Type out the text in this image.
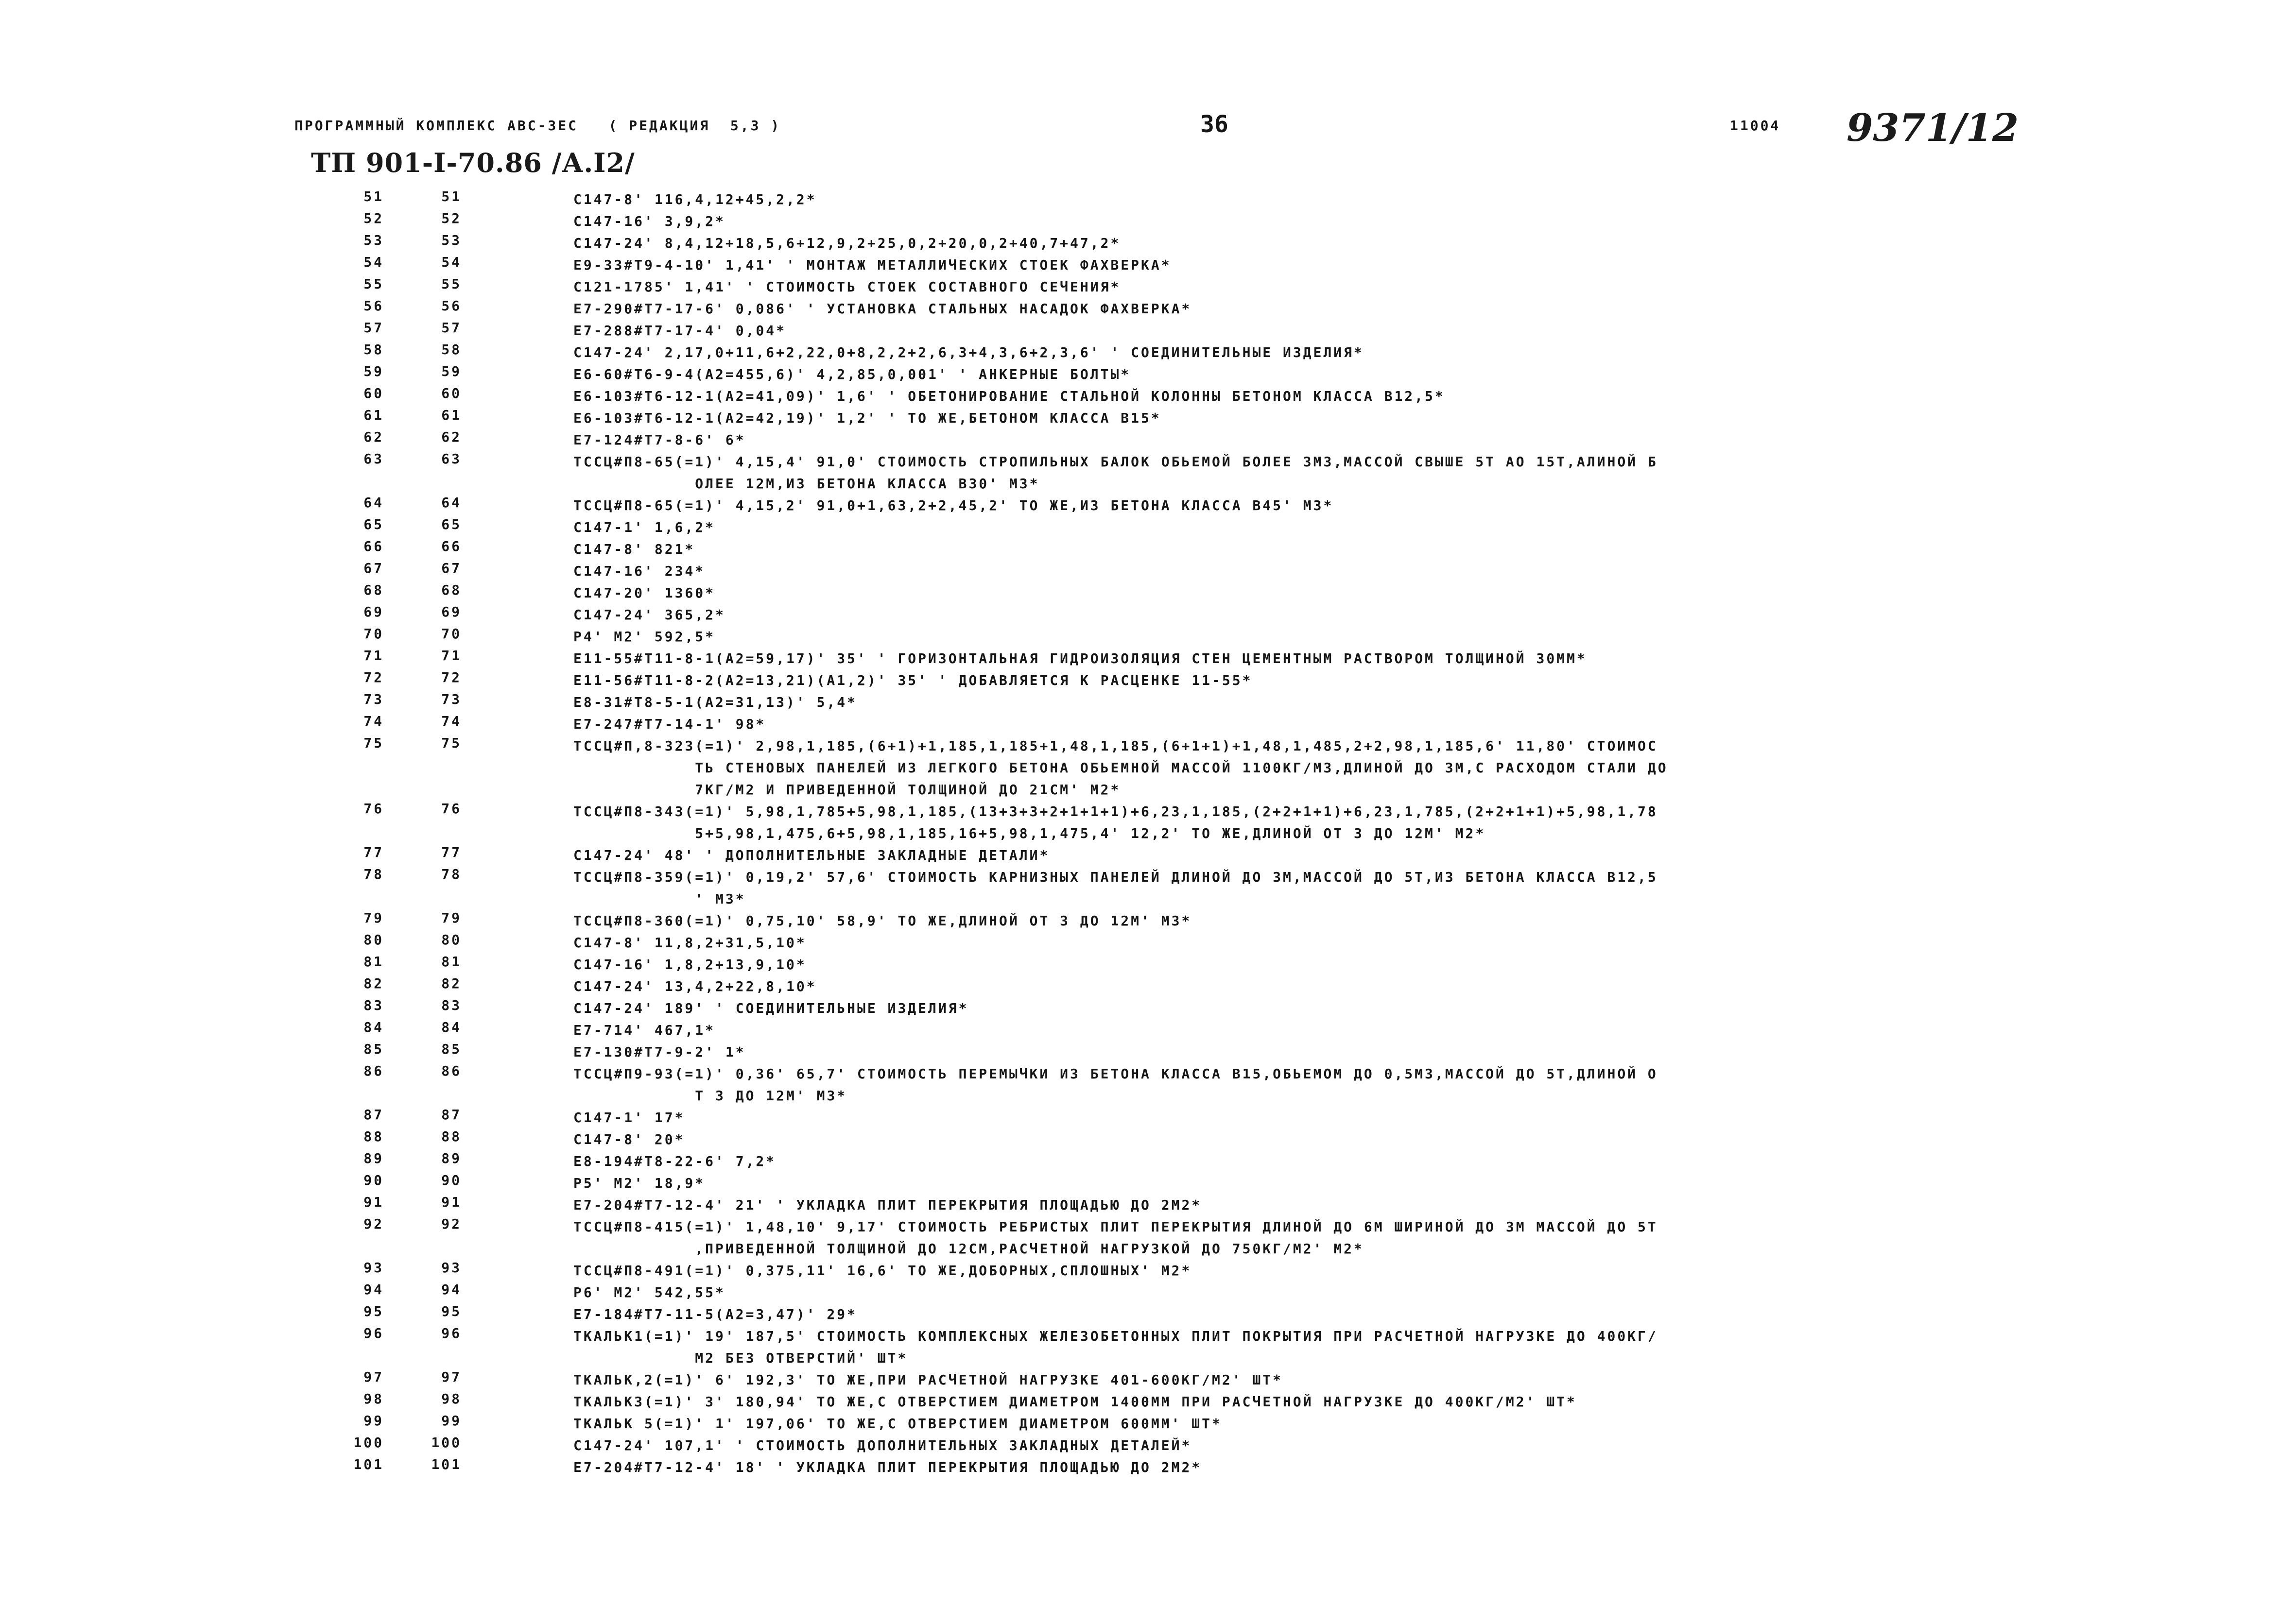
ПРОГРАММНЫЙ КОМПЛЕКС АВС-ЗЕС   ( РЕДАКЦИЯ  5,3 )	36	11004 9371/12
ТП 901-I-70.86 /А.I2/
51	51	С147-8' 116,4,12+45,2,2*
52	52	С147-16' 3,9,2*
53	53	С147-24' 8,4,12+18,5,6+12,9,2+25,0,2+20,0,2+40,7+47,2*
54	54	Е9-33#Т9-4-10' 1,41' ' МОНТАЖ МЕТАЛЛИЧЕСКИХ СТОЕК ФАХВЕРКА*
55	55	С121-1785' 1,41' ' СТОИМОСТЬ СТОЕК СОСТАВНОГО СЕЧЕНИЯ*
56	56	Е7-290#Т7-17-6' 0,086' ' УСТАНОВКА СТАЛЬНЫХ НАСАДОК ФАХВЕРКА*
57	57	Е7-288#Т7-17-4' 0,04*
58	58	С147-24' 2,17,0+11,6+2,22,0+8,2,2+2,6,3+4,3,6+2,3,6' ' СОЕДИНИТЕЛЬНЫЕ ИЗДЕЛИЯ*
59	59	Е6-60#Т6-9-4(А2=455,6)' 4,2,85,0,001' ' АНКЕРНЫЕ БОЛТЫ*
60	60	Е6-103#Т6-12-1(А2=41,09)' 1,6' ' ОБЕТОНИРОВАНИЕ СТАЛЬНОЙ КОЛОННЫ БЕТОНОМ КЛАССА В12,5*
61	61	Е6-103#Т6-12-1(А2=42,19)' 1,2' ' ТО ЖЕ,БЕТОНОМ КЛАССА В15*
62	62	Е7-124#Т7-8-6' 6*
63	63	ТССЦ#П8-65(=1)' 4,15,4' 91,0' СТОИМОСТЬ СТРОПИЛЬНЫХ БАЛОК ОБЬЕМОЙ БОЛЕЕ 3М3,МАССОЙ СВЫШЕ 5Т АО 15Т,АЛИНОЙ Б
ОЛЕЕ 12М,ИЗ БЕТОНА КЛАССА В30' М3*
64	64	ТССЦ#П8-65(=1)' 4,15,2' 91,0+1,63,2+2,45,2' ТО ЖЕ,ИЗ БЕТОНА КЛАССА В45' М3*
65	65	С147-1' 1,6,2*
66	66	С147-8' 821*
67	67	С147-16' 234*
68	68	С147-20' 1360*
69	69	С147-24' 365,2*
70	70	Р4' М2' 592,5*
71	71	Е11-55#Т11-8-1(А2=59,17)' 35' ' ГОРИЗОНТАЛЬНАЯ ГИДРОИЗОЛЯЦИЯ СТЕН ЦЕМЕНТНЫМ РАСТВОРОМ ТОЛЩИНОЙ 30ММ*
72	72	Е11-56#Т11-8-2(А2=13,21)(А1,2)' 35' ' ДОБАВЛЯЕТСЯ К РАСЦЕНКЕ 11-55*
73	73	Е8-31#Т8-5-1(А2=31,13)' 5,4*
74	74	Е7-247#Т7-14-1' 98*
75	75	ТССЦ#П,8-323(=1)' 2,98,1,185,(6+1)+1,185,1,185+1,48,1,185,(6+1+1)+1,48,1,485,2+2,98,1,185,6' 11,80' СТОИМОС
ТЬ СТЕНОВЫХ ПАНЕЛЕЙ ИЗ ЛЕГКОГО БЕТОНА ОБЬЕМНОЙ МАССОЙ 1100КГ/М3,ДЛИНОЙ ДО 3М,С РАСХОДОМ СТАЛИ ДО
7КГ/М2 И ПРИВЕДЕННОЙ ТОЛЩИНОЙ ДО 21СМ' М2*
76	76	ТССЦ#П8-343(=1)' 5,98,1,785+5,98,1,185,(13+3+3+2+1+1+1)+6,23,1,185,(2+2+1+1)+6,23,1,785,(2+2+1+1)+5,98,1,78
5+5,98,1,475,6+5,98,1,185,16+5,98,1,475,4' 12,2' ТО ЖЕ,ДЛИНОЙ ОТ 3 ДО 12М' М2*
77	77	С147-24' 48' ' ДОПОЛНИТЕЛЬНЫЕ ЗАКЛАДНЫЕ ДЕТАЛИ*
78	78	ТССЦ#П8-359(=1)' 0,19,2' 57,6' СТОИМОСТЬ КАРНИЗНЫХ ПАНЕЛЕЙ ДЛИНОЙ ДО 3М,МАССОЙ ДО 5Т,ИЗ БЕТОНА КЛАССА В12,5
' М3*
79	79	ТССЦ#П8-360(=1)' 0,75,10' 58,9' ТО ЖЕ,ДЛИНОЙ ОТ 3 ДО 12М' М3*
80	80	С147-8' 11,8,2+31,5,10*
81	81	С147-16' 1,8,2+13,9,10*
82	82	С147-24' 13,4,2+22,8,10*
83	83	С147-24' 189' ' СОЕДИНИТЕЛЬНЫЕ ИЗДЕЛИЯ*
84	84	Е7-714' 467,1*
85	85	Е7-130#Т7-9-2' 1*
86	86	ТССЦ#П9-93(=1)' 0,36' 65,7' СТОИМОСТЬ ПЕРЕМЫЧКИ ИЗ БЕТОНА КЛАССА В15,ОБЬЕМОМ ДО 0,5М3,МАССОЙ ДО 5Т,ДЛИНОЙ О
Т 3 ДО 12М' М3*
87	87	С147-1' 17*
88	88	С147-8' 20*
89	89	Е8-194#Т8-22-6' 7,2*
90	90	Р5' М2' 18,9*
91	91	Е7-204#Т7-12-4' 21' ' УКЛАДКА ПЛИТ ПЕРЕКРЫТИЯ ПЛОЩАДЬЮ ДО 2М2*
92	92	ТССЦ#П8-415(=1)' 1,48,10' 9,17' СТОИМОСТЬ РЕБРИСТЫХ ПЛИТ ПЕРЕКРЫТИЯ ДЛИНОЙ ДО 6М ШИРИНОЙ ДО 3М МАССОЙ ДО 5Т
,ПРИВЕДЕННОЙ ТОЛЩИНОЙ ДО 12СМ,РАСЧЕТНОЙ НАГРУЗКОЙ ДО 750КГ/М2' М2*
93	93	ТССЦ#П8-491(=1)' 0,375,11' 16,6' ТО ЖЕ,ДОБОРНЫХ,СПЛОШНЫХ' М2*
94	94	Р6' М2' 542,55*
95	95	Е7-184#Т7-11-5(А2=3,47)' 29*
96	96	ТКАЛЬК1(=1)' 19' 187,5' СТОИМОСТЬ КОМПЛЕКСНЫХ ЖЕЛЕЗОБЕТОННЫХ ПЛИТ ПОКРЫТИЯ ПРИ РАСЧЕТНОЙ НАГРУЗКЕ ДО 400КГ/
М2 БЕЗ ОТВЕРСТИЙ' ШТ*
97	97	ТКАЛЬК,2(=1)' 6' 192,3' ТО ЖЕ,ПРИ РАСЧЕТНОЙ НАГРУЗКЕ 401-600КГ/М2' ШТ*
98	98	ТКАЛЬК3(=1)' 3' 180,94' ТО ЖЕ,С ОТВЕРСТИЕМ ДИАМЕТРОМ 1400ММ ПРИ РАСЧЕТНОЙ НАГРУЗКЕ ДО 400КГ/М2' ШТ*
99	99	ТКАЛЬК 5(=1)' 1' 197,06' ТО ЖЕ,С ОТВЕРСТИЕМ ДИАМЕТРОМ 600ММ' ШТ*
100	100	С147-24' 107,1' ' СТОИМОСТЬ ДОПОЛНИТЕЛЬНЫХ ЗАКЛАДНЫХ ДЕТАЛЕЙ*
101	101	Е7-204#Т7-12-4' 18' ' УКЛАДКА ПЛИТ ПЕРЕКРЫТИЯ ПЛОЩАДЬЮ ДО 2М2*
